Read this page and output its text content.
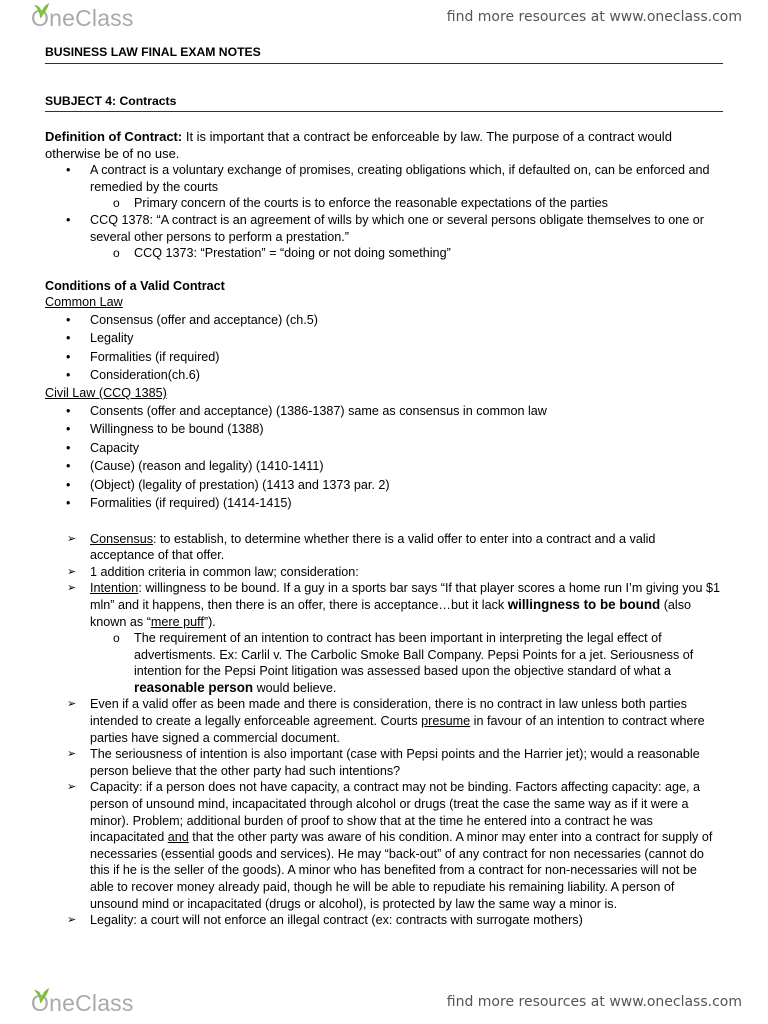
OneClass	find more resources at www.oneclass.com
BUSINESS LAW FINAL EXAM NOTES
SUBJECT 4: Contracts

Definition of Contract: It is important that a contract be enforceable by law. The purpose of a contract would otherwise be of no use.

• A contract is a voluntary exchange of promises, creating obligations which, if defaulted on, can be enforced and remedied by the courts
o Primary concern of the courts is to enforce the reasonable expectations of the parties
• CCQ 1378: “A contract is an agreement of wills by which one or several persons obligate themselves to one or several other persons to perform a prestation.”
o CCQ 1373: “Prestation” = “doing or not doing something”
Conditions of a Valid Contract
Common Law
• Consensus (offer and acceptance) (ch.5)
• Legality
• Formalities (if required)
• Consideration(ch.6)
Civil Law (CCQ 1385)
• Consents (offer and acceptance) (1386-1387) same as consensus in common law
• Willingness to be bound (1388)
• Capacity
• (Cause) (reason and legality) (1410-1411)
• (Object) (legality of prestation) (1413 and 1373 par. 2)
• Formalities (if required) (1414-1415)
➢ Consensus: to establish, to determine whether there is a valid offer to enter into a contract and a valid acceptance of that offer.
➢ 1 addition criteria in common law; consideration:
➢ Intention: willingness to be bound. If a guy in a sports bar says “If that player scores a home run I’m giving you $1 mln” and it happens, then there is an offer, there is acceptance…but it lack willingness to be bound (also known as “mere puff”).
o The requirement of an intention to contract has been important in interpreting the legal effect of advertisments. Ex: Carlil v. The Carbolic Smoke Ball Company. Pepsi Points for a jet. Seriousness of intention for the Pepsi Point litigation was assessed based upon the objective standard of what a reasonable person would believe.
➢ Even if a valid offer as been made and there is consideration, there is no contract in law unless both parties intended to create a legally enforceable agreement. Courts presume in favour of an intention to contract where parties have signed a commercial document.
➢ The seriousness of intention is also important (case with Pepsi points and the Harrier jet); would a reasonable person believe that the other party had such intentions?
➢ Capacity: if a person does not have capacity, a contract may not be binding. Factors affecting capacity: age, a person of unsound mind, incapacitated through alcohol or drugs (treat the case the same way as if it were a minor). Problem; additional burden of proof to show that at the time he entered into a contract he was incapacitated and that the other party was aware of his condition. A minor may enter into a contract for supply of necessaries (essential goods and services). He may “back-out” of any contract for non necessaries (cannot do this if he is the seller of the goods). A minor who has benefited from a contract for non-necessaries will not be able to recover money already paid, though he will be able to repudiate his remaining liability. A person of unsound mind or incapacitated (drugs or alcohol), is protected by law the same way a minor is.
➢ Legality: a court will not enforce an illegal contract (ex: contracts with surrogate mothers)
OneClass	find more resources at www.oneclass.com
